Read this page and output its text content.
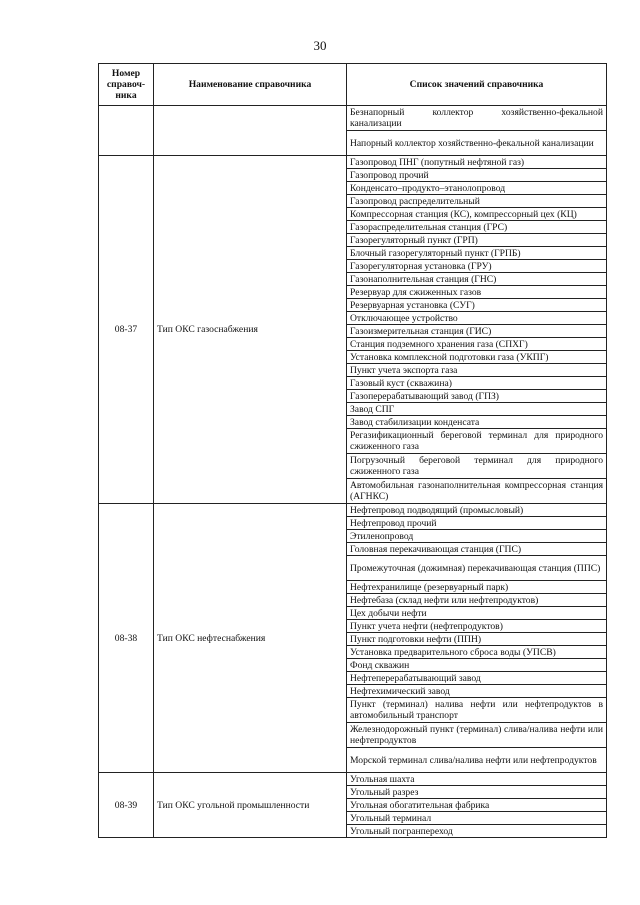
30
Номер справоч-ника	Наименование справочника	Список значений справочника
		Безнапорный коллектор хозяйственно-фекальной канализации
		Напорный коллектор хозяйственно-фекальной канализации
08-37	Тип ОКС газоснабжения	Газопровод ПНГ (попутный нефтяной газ)
		Газопровод прочий
		Конденсато–продукто–этанолопровод
		Газопровод распределительный
		Компрессорная станция (КС), компрессорный цех (КЦ)
		Газораспределительная станция (ГРС)
		Газорегуляторный пункт (ГРП)
		Блочный газорегуляторный пункт (ГРПБ)
		Газорегуляторная установка (ГРУ)
		Газонаполнительная станция (ГНС)
		Резервуар для сжиженных газов
		Резервуарная установка (СУГ)
		Отключающее устройство
		Газоизмерительная станция (ГИС)
		Станция подземного хранения газа (СПХГ)
		Установка комплексной подготовки газа (УКПГ)
		Пункт учета экспорта газа
		Газовый куст (скважина)
		Газоперерабатывающий завод (ГПЗ)
		Завод СПГ
		Завод стабилизации конденсата
		Регазификационный береговой терминал для природного сжиженного газа
		Погрузочный береговой терминал для природного сжиженного газа
		Автомобильная газонаполнительная компрессорная станция (АГНКС)
08-38	Тип ОКС нефтеснабжения	Нефтепровод подводящий (промысловый)
		Нефтепровод прочий
		Этиленопровод
		Головная перекачивающая станция (ГПС)
		Промежуточная (дожимная) перекачивающая станция (ППС)
		Нефтехранилище (резервуарный парк)
		Нефтебаза (склад нефти или нефтепродуктов)
		Цех добычи нефти
		Пункт учета нефти (нефтепродуктов)
		Пункт подготовки нефти (ППН)
		Установка предварительного сброса воды (УПСВ)
		Фонд скважин
		Нефтеперерабатывающий завод
		Нефтехимический завод
		Пункт (терминал) налива нефти или нефтепродуктов в автомобильный транспорт
		Железнодорожный пункт (терминал) слива/налива нефти или нефтепродуктов
		Морской терминал слива/налива нефти или нефтепродуктов
08-39	Тип ОКС угольной промышленности	Угольная шахта
		Угольный разрез
		Угольная обогатительная фабрика
		Угольный терминал
		Угольный погранпереход
